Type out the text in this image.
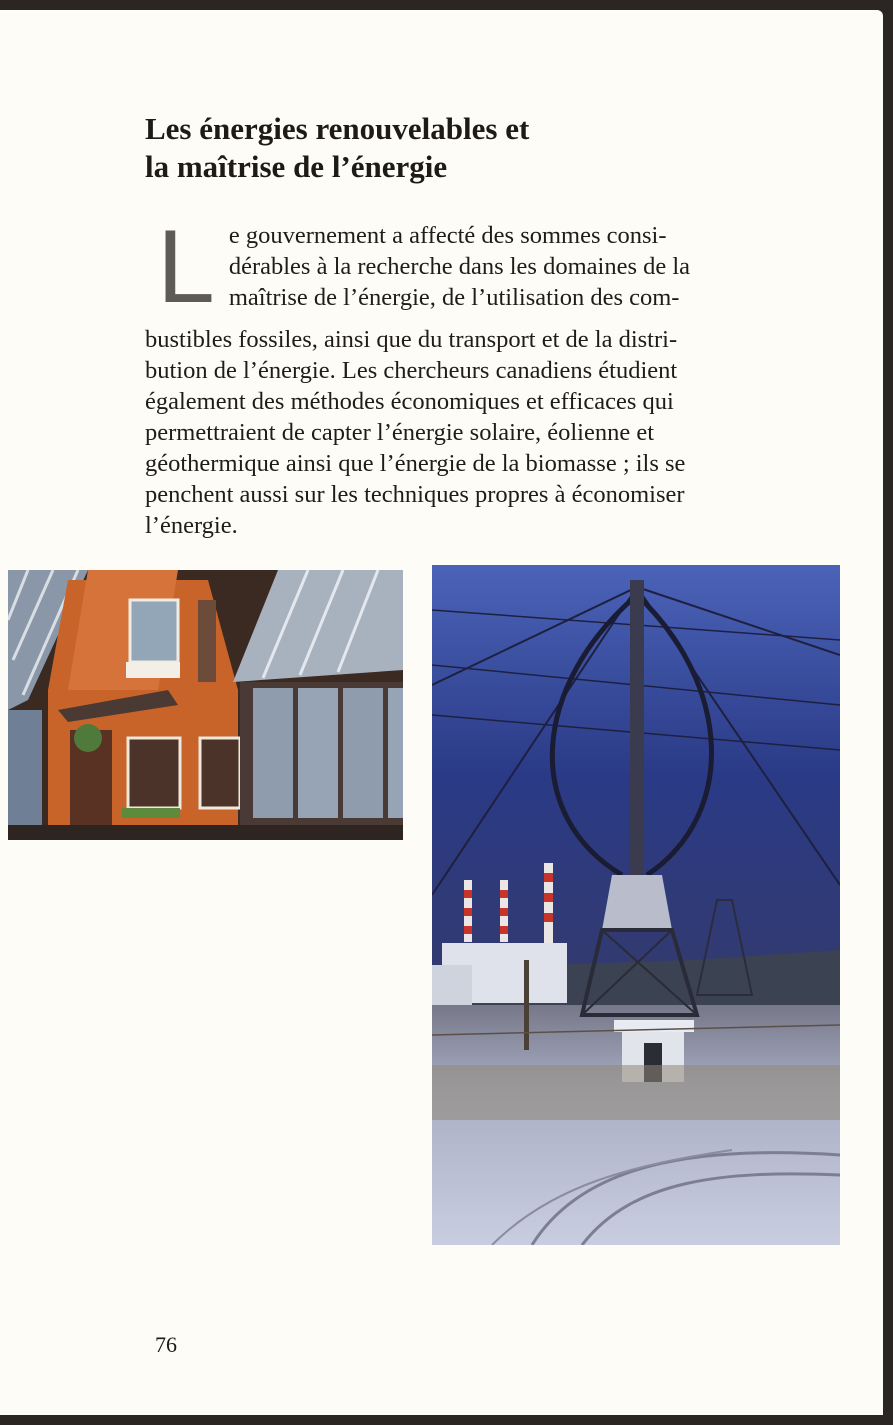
Les énergies renouvelables et
la maîtrise de l’énergie
L e gouvernement a affecté des sommes consi-
dérables à la recherche dans les domaines de la
maîtrise de l’énergie, de l’utilisation des com-
bustibles fossiles, ainsi que du transport et de la distri-
bution de l’énergie. Les chercheurs canadiens étudient
également des méthodes économiques et efficaces qui
permettraient de capter l’énergie solaire, éolienne et
géothermique ainsi que l’énergie de la biomasse ; ils se
penchent aussi sur les techniques propres à économiser
l’énergie.
76
